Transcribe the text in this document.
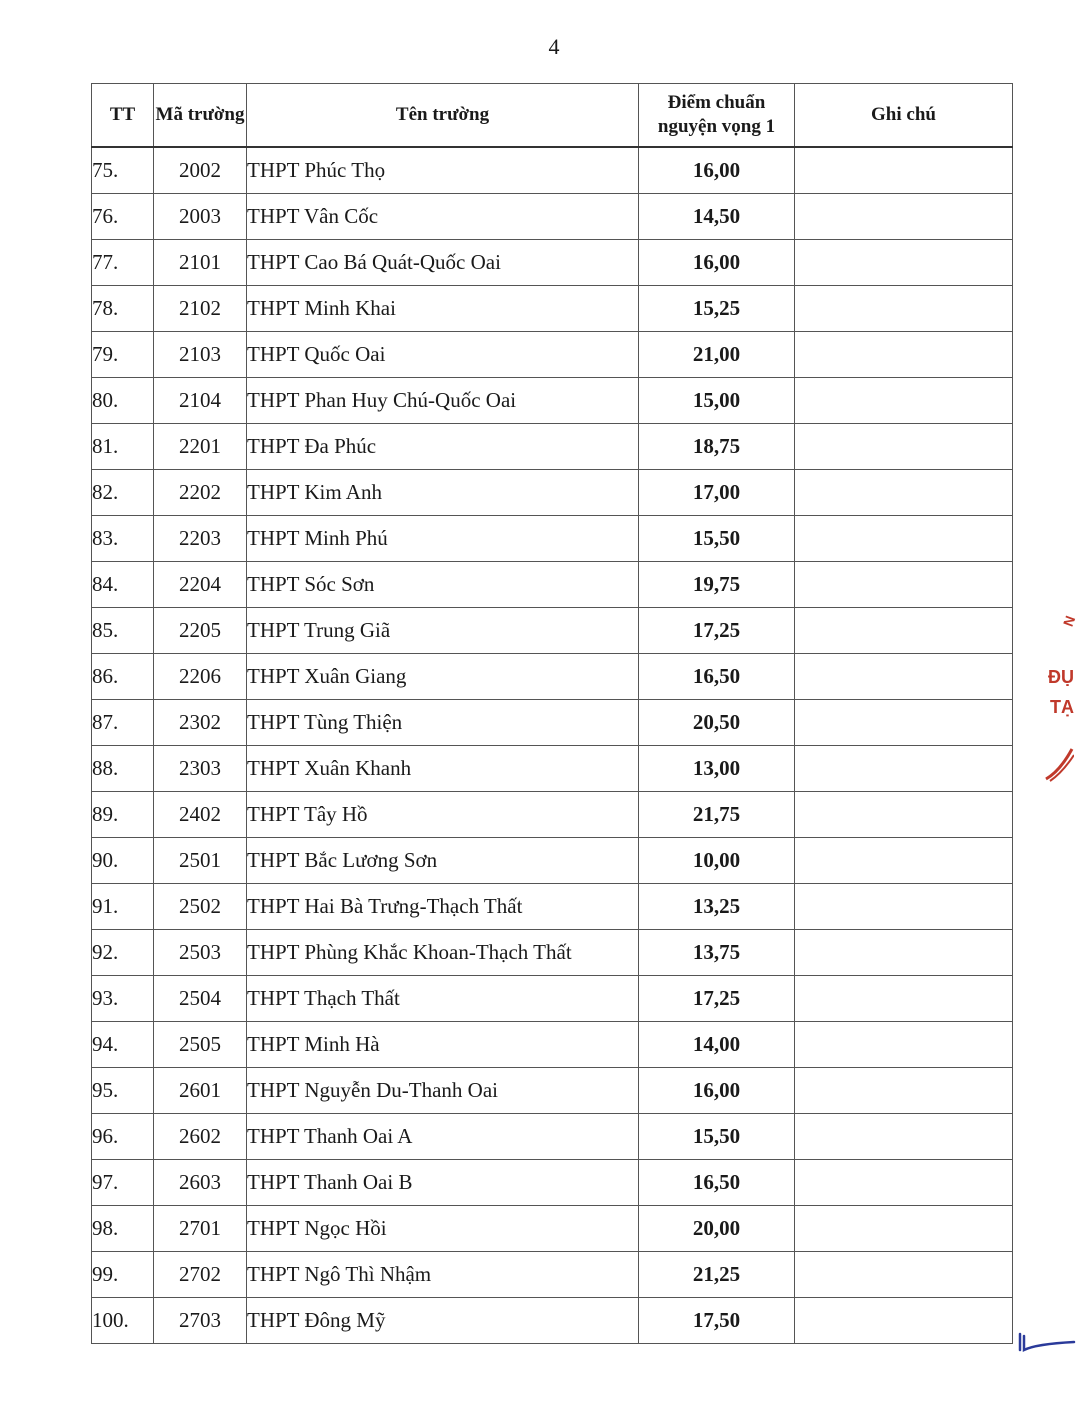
4
TT	Mã trường	Tên trường	Điểm chuẩn nguyện vọng 1	Ghi chú
75.	2002	THPT Phúc Thọ	16,00	
76.	2003	THPT Vân Cốc	14,50	
77.	2101	THPT Cao Bá Quát-Quốc Oai	16,00	
78.	2102	THPT Minh Khai	15,25	
79.	2103	THPT Quốc Oai	21,00	
80.	2104	THPT Phan Huy Chú-Quốc Oai	15,00	
81.	2201	THPT Đa Phúc	18,75	
82.	2202	THPT Kim Anh	17,00	
83.	2203	THPT Minh Phú	15,50	
84.	2204	THPT Sóc Sơn	19,75	
85.	2205	THPT Trung Giã	17,25	
86.	2206	THPT Xuân Giang	16,50	
87.	2302	THPT Tùng Thiện	20,50	
88.	2303	THPT Xuân Khanh	13,00	
89.	2402	THPT Tây Hồ	21,75	
90.	2501	THPT Bắc Lương Sơn	10,00	
91.	2502	THPT Hai Bà Trưng-Thạch Thất	13,25	
92.	2503	THPT Phùng Khắc Khoan-Thạch Thất	13,75	
93.	2504	THPT Thạch Thất	17,25	
94.	2505	THPT Minh Hà	14,00	
95.	2601	THPT Nguyễn Du-Thanh Oai	16,00	
96.	2602	THPT Thanh Oai A	15,50	
97.	2603	THPT Thanh Oai B	16,50	
98.	2701	THPT Ngọc Hồi	20,00	
99.	2702	THPT Ngô Thì Nhậm	21,25	
100.	2703	THPT Đông Mỹ	17,50	
N
ĐỤ
TẠ
